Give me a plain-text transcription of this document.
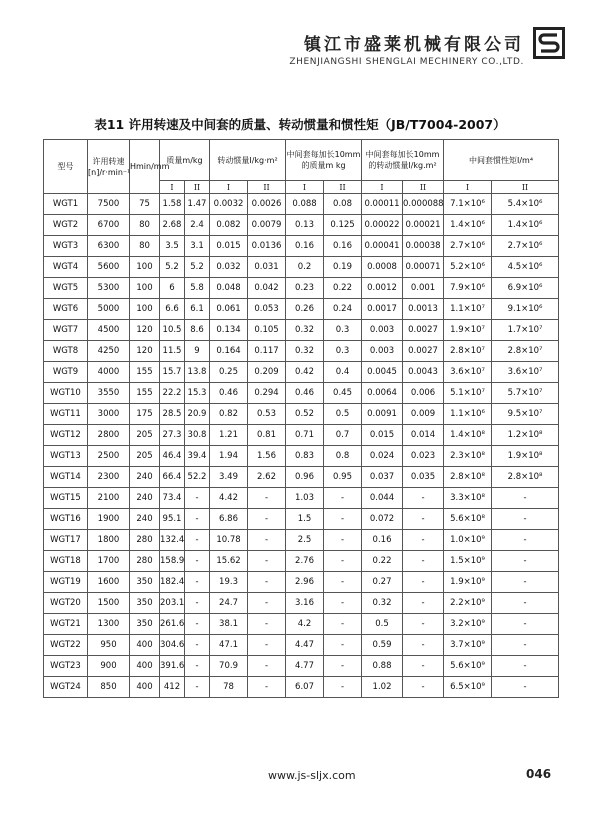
镇江市盛莱机械有限公司
ZHENJIANGSHI SHENGLAI MECHINERY CO.,LTD.
表11 许用转速及中间套的质量、转动惯量和惯性矩（JB/T7004-2007）
型号	许用转速[n]/r·min⁻¹	Hmin/mm	质量m/kg		转动惯量I/kg·m²		中间套每加长10mm的质量m kg		中间套每加长10mm的转动惯量I/kg.m²		中间套惯性矩I/m⁴	
			I	II	I	II	I	II	I	II	I	II
WGT1	7500	75	1.58	1.47	0.0032	0.0026	0.088	0.08	0.00011	0.000088	7.1×10⁶	5.4×10⁶
WGT2	6700	80	2.68	2.4	0.082	0.0079	0.13	0.125	0.00022	0.00021	1.4×10⁶	1.4×10⁶
WGT3	6300	80	3.5	3.1	0.015	0.0136	0.16	0.16	0.00041	0.00038	2.7×10⁶	2.7×10⁶
WGT4	5600	100	5.2	5.2	0.032	0.031	0.2	0.19	0.0008	0.00071	5.2×10⁶	4.5×10⁶
WGT5	5300	100	6	5.8	0.048	0.042	0.23	0.22	0.0012	0.001	7.9×10⁶	6.9×10⁶
WGT6	5000	100	6.6	6.1	0.061	0.053	0.26	0.24	0.0017	0.0013	1.1×10⁷	9.1×10⁶
WGT7	4500	120	10.5	8.6	0.134	0.105	0.32	0.3	0.003	0.0027	1.9×10⁷	1.7×10⁷
WGT8	4250	120	11.5	9	0.164	0.117	0.32	0.3	0.003	0.0027	2.8×10⁷	2.8×10⁷
WGT9	4000	155	15.7	13.8	0.25	0.209	0.42	0.4	0.0045	0.0043	3.6×10⁷	3.6×10⁷
WGT10	3550	155	22.2	15.3	0.46	0.294	0.46	0.45	0.0064	0.006	5.1×10⁷	5.7×10⁷
WGT11	3000	175	28.5	20.9	0.82	0.53	0.52	0.5	0.0091	0.009	1.1×10⁶	9.5×10⁷
WGT12	2800	205	27.3	30.8	1.21	0.81	0.71	0.7	0.015	0.014	1.4×10⁸	1.2×10⁸
WGT13	2500	205	46.4	39.4	1.94	1.56	0.83	0.8	0.024	0.023	2.3×10⁸	1.9×10⁸
WGT14	2300	240	66.4	52.2	3.49	2.62	0.96	0.95	0.037	0.035	2.8×10⁸	2.8×10⁸
WGT15	2100	240	73.4	-	4.42	-	1.03	-	0.044	-	3.3×10⁸	-
WGT16	1900	240	95.1	-	6.86	-	1.5	-	0.072	-	5.6×10⁸	-
WGT17	1800	280	132.4	-	10.78	-	2.5	-	0.16	-	1.0×10⁹	-
WGT18	1700	280	158.9	-	15.62	-	2.76	-	0.22	-	1.5×10⁹	-
WGT19	1600	350	182.4	-	19.3	-	2.96	-	0.27	-	1.9×10⁹	-
WGT20	1500	350	203.1	-	24.7	-	3.16	-	0.32	-	2.2×10⁹	-
WGT21	1300	350	261.6	-	38.1	-	4.2	-	0.5	-	3.2×10⁹	-
WGT22	950	400	304.6	-	47.1	-	4.47	-	0.59	-	3.7×10⁹	-
WGT23	900	400	391.6	-	70.9	-	4.77	-	0.88	-	5.6×10⁹	-
WGT24	850	400	412	-	78	-	6.07	-	1.02	-	6.5×10⁹	-
www.js-sljx.com	046
